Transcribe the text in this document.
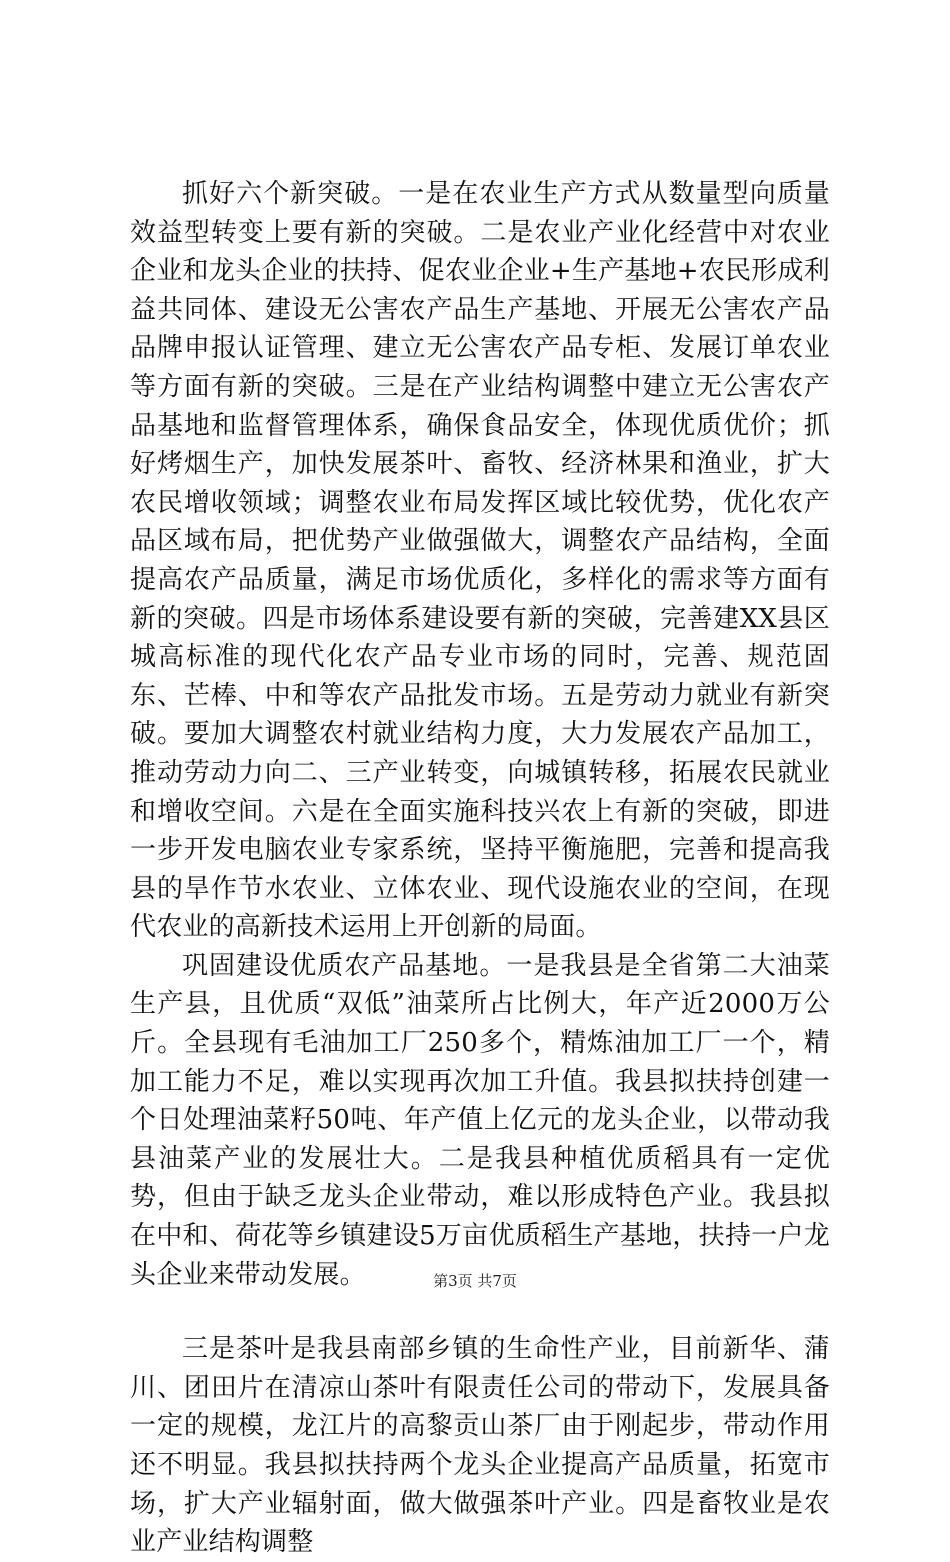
抓好六个新突破。一是在农业生产方式从数量型向质量效益型转变上要有新的突破。二是农业产业化经营中对农业企业和龙头企业的扶持、促农业企业+生产基地+农民形成利益共同体、建设无公害农产品生产基地、开展无公害农产品品牌申报认证管理、建立无公害农产品专柜、发展订单农业等方面有新的突破。三是在产业结构调整中建立无公害农产品基地和监督管理体系，确保食品安全，体现优质优价；抓好烤烟生产，加快发展茶叶、畜牧、经济林果和渔业，扩大农民增收领域；调整农业布局发挥区域比较优势，优化农产品区域布局，把优势产业做强做大，调整农产品结构，全面提高农产品质量，满足市场优质化，多样化的需求等方面有新的突破。四是市场体系建设要有新的突破，完善建XX县区城高标准的现代化农产品专业市场的同时，完善、规范固东、芒棒、中和等农产品批发市场。五是劳动力就业有新突破。要加大调整农村就业结构力度，大力发展农产品加工，推动劳动力向二、三产业转变，向城镇转移，拓展农民就业和增收空间。六是在全面实施科技兴农上有新的突破，即进一步开发电脑农业专家系统，坚持平衡施肥，完善和提高我县的旱作节水农业、立体农业、现代设施农业的空间，在现代农业的高新技术运用上开创新的局面。

巩固建设优质农产品基地。一是我县是全省第二大油菜生产县，且优质“双低”油菜所占比例大，年产近2000万公斤。全县现有毛油加工厂250多个，精炼油加工厂一个，精加工能力不足，难以实现再次加工升值。我县拟扶持创建一个日处理油菜籽50吨、年产值上亿元的龙头企业，以带动我县油菜产业的发展壮大。二是我县种植优质稻具有一定优势，但由于缺乏龙头企业带动，难以形成特色产业。我县拟在中和、荷花等乡镇建设5万亩优质稻生产基地，扶持一户龙头企业来带动发展。

三是茶叶是我县南部乡镇的生命性产业，目前新华、蒲川、团田片在清凉山茶叶有限责任公司的带动下，发展具备一定的规模，龙江片的高黎贡山茶厂由于刚起步，带动作用还不明显。我县拟扶持两个龙头企业提高产品质量，拓宽市场，扩大产业辐射面，做大做强茶叶产业。四是畜牧业是农业产业结构调整

第3页 共7页
